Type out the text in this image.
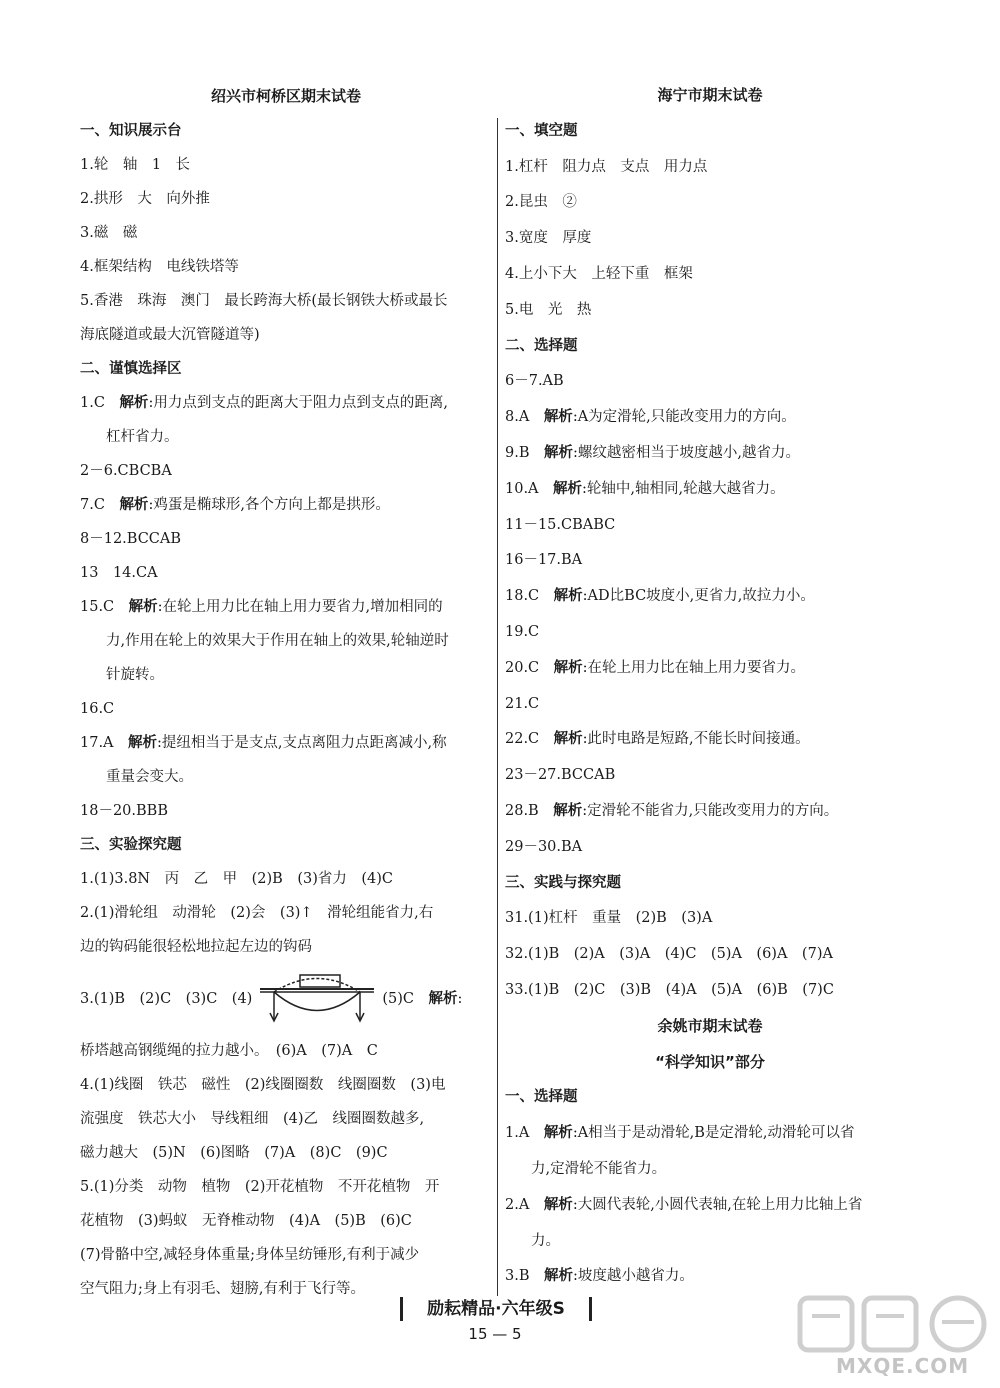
绍兴市柯桥区期末试卷
一、知识展示台
1.轮　轴　1　长
2.拱形　大　向外推
3.磁　磁
4.框架结构　电线铁塔等
5.香港　珠海　澳门　最长跨海大桥(最长钢铁大桥或最长
海底隧道或最大沉管隧道等)
二、谨慎选择区
1.C　解析:用力点到支点的距离大于阻力点到支点的距离,
杠杆省力。
2－6.CBCBA
7.C　解析:鸡蛋是椭球形,各个方向上都是拱形。
8－12.BCCAB
13　14.CA
15.C　解析:在轮上用力比在轴上用力要省力,增加相同的
力,作用在轮上的效果大于作用在轴上的效果,轮轴逆时
针旋转。
16.C
17.A　解析:提纽相当于是支点,支点离阻力点距离减小,称
重量会变大。
18－20.BBB
三、实验探究题
1.(1)3.8N　丙　乙　甲　(2)B　(3)省力　(4)C
2.(1)滑轮组　动滑轮　(2)会　(3)↑　滑轮组能省力,右
边的钩码能很轻松地拉起左边的钩码
3.(1)B　(2)C　(3)C　(4)	(5)C　解析:
桥塔越高钢缆绳的拉力越小。　(6)A　(7)A　C
4.(1)线圈　铁芯　磁性　(2)线圈圈数　线圈圈数　(3)电
流强度　铁芯大小　导线粗细　(4)乙　线圈圈数越多,
磁力越大　(5)N　(6)图略　(7)A　(8)C　(9)C
5.(1)分类　动物　植物　(2)开花植物　不开花植物　开
花植物　(3)蚂蚁　无脊椎动物　(4)A　(5)B　(6)C
(7)骨骼中空,减轻身体重量;身体呈纺锤形,有利于减少
空气阻力;身上有羽毛、翅膀,有利于飞行等。
海宁市期末试卷
一、填空题
1.杠杆　阻力点　支点　用力点
2.昆虫　②
3.宽度　厚度
4.上小下大　上轻下重　框架
5.电　光　热
二、选择题
6－7.AB
8.A　解析:A为定滑轮,只能改变用力的方向。
9.B　解析:螺纹越密相当于坡度越小,越省力。
10.A　解析:轮轴中,轴相同,轮越大越省力。
11－15.CBABC
16－17.BA
18.C　解析:AD比BC坡度小,更省力,故拉力小。
19.C
20.C　解析:在轮上用力比在轴上用力要省力。
21.C
22.C　解析:此时电路是短路,不能长时间接通。
23－27.BCCAB
28.B　解析:定滑轮不能省力,只能改变用力的方向。
29－30.BA
三、实践与探究题
31.(1)杠杆　重量　(2)B　(3)A
32.(1)B　(2)A　(3)A　(4)C　(5)A　(6)A　(7)A
33.(1)B　(2)C　(3)B　(4)A　(5)A　(6)B　(7)C
余姚市期末试卷
“科学知识”部分
一、选择题
1.A　解析:A相当于是动滑轮,B是定滑轮,动滑轮可以省
力,定滑轮不能省力。
2.A　解析:大圆代表轮,小圆代表轴,在轮上用力比轴上省
力。
3.B　解析:坡度越小越省力。
励耘精品·六年级S
15 — 5
MXQE.COM
